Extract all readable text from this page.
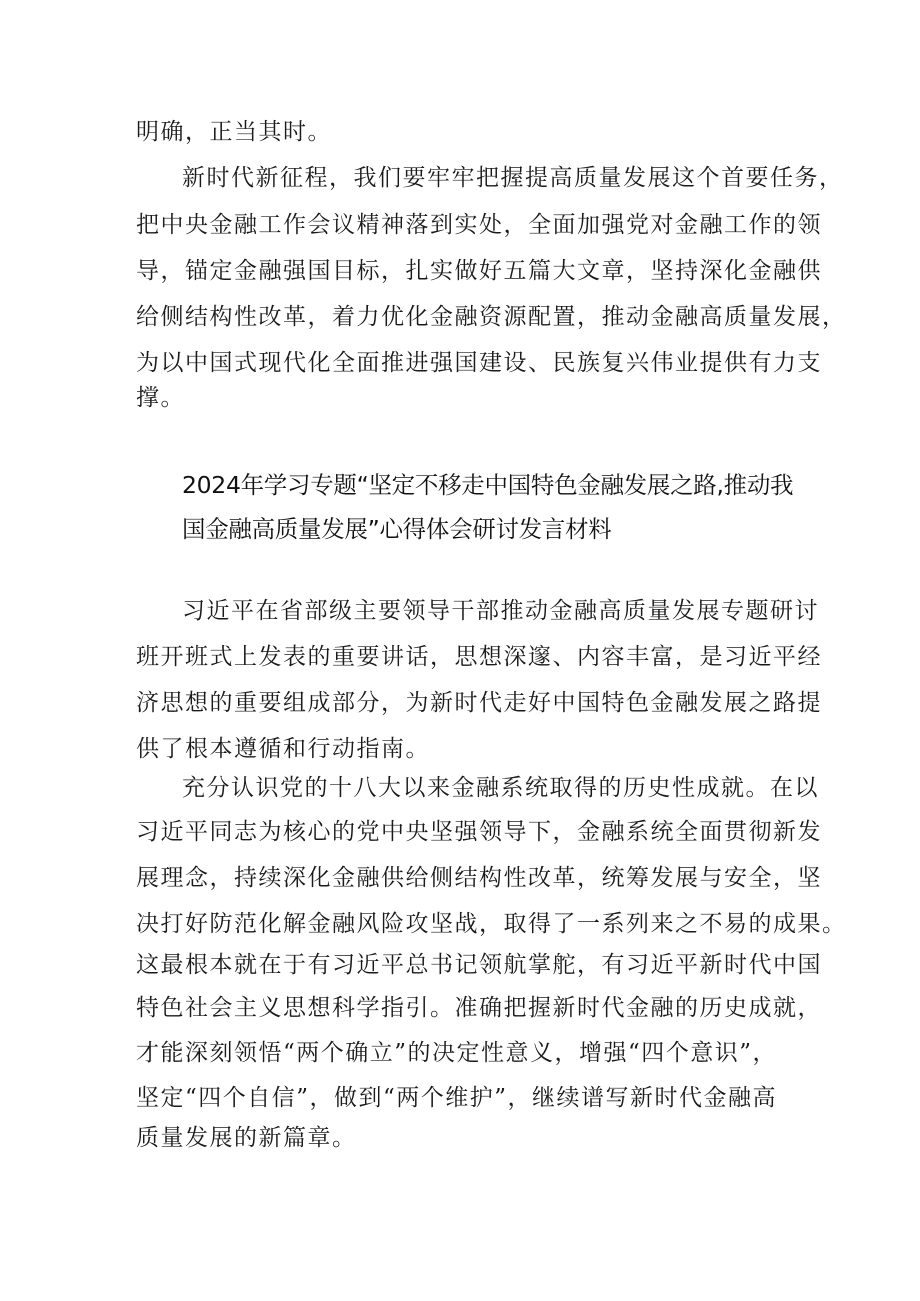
明确，正当其时。
新时代新征程，我们要牢牢把握提高质量发展这个首要任务，
把中央金融工作会议精神落到实处，全面加强党对金融工作的领
导，锚定金融强国目标，扎实做好五篇大文章，坚持深化金融供
给侧结构性改革，着力优化金融资源配置，推动金融高质量发展，
为以中国式现代化全面推进强国建设、民族复兴伟业提供有力支
撑。
2024年学习专题“坚定不移走中国特色金融发展之路,推动我
国金融高质量发展”心得体会研讨发言材料
习近平在省部级主要领导干部推动金融高质量发展专题研讨
班开班式上发表的重要讲话，思想深邃、内容丰富，是习近平经
济思想的重要组成部分，为新时代走好中国特色金融发展之路提
供了根本遵循和行动指南。
充分认识党的十八大以来金融系统取得的历史性成就。在以
习近平同志为核心的党中央坚强领导下，金融系统全面贯彻新发
展理念，持续深化金融供给侧结构性改革，统筹发展与安全，坚
决打好防范化解金融风险攻坚战，取得了一系列来之不易的成果。
这最根本就在于有习近平总书记领航掌舵，有习近平新时代中国
特色社会主义思想科学指引。准确把握新时代金融的历史成就，
才能深刻领悟“两个确立”的决定性意义，增强“四个意识”，
坚定“四个自信”，做到“两个维护”，继续谱写新时代金融高
质量发展的新篇章。
